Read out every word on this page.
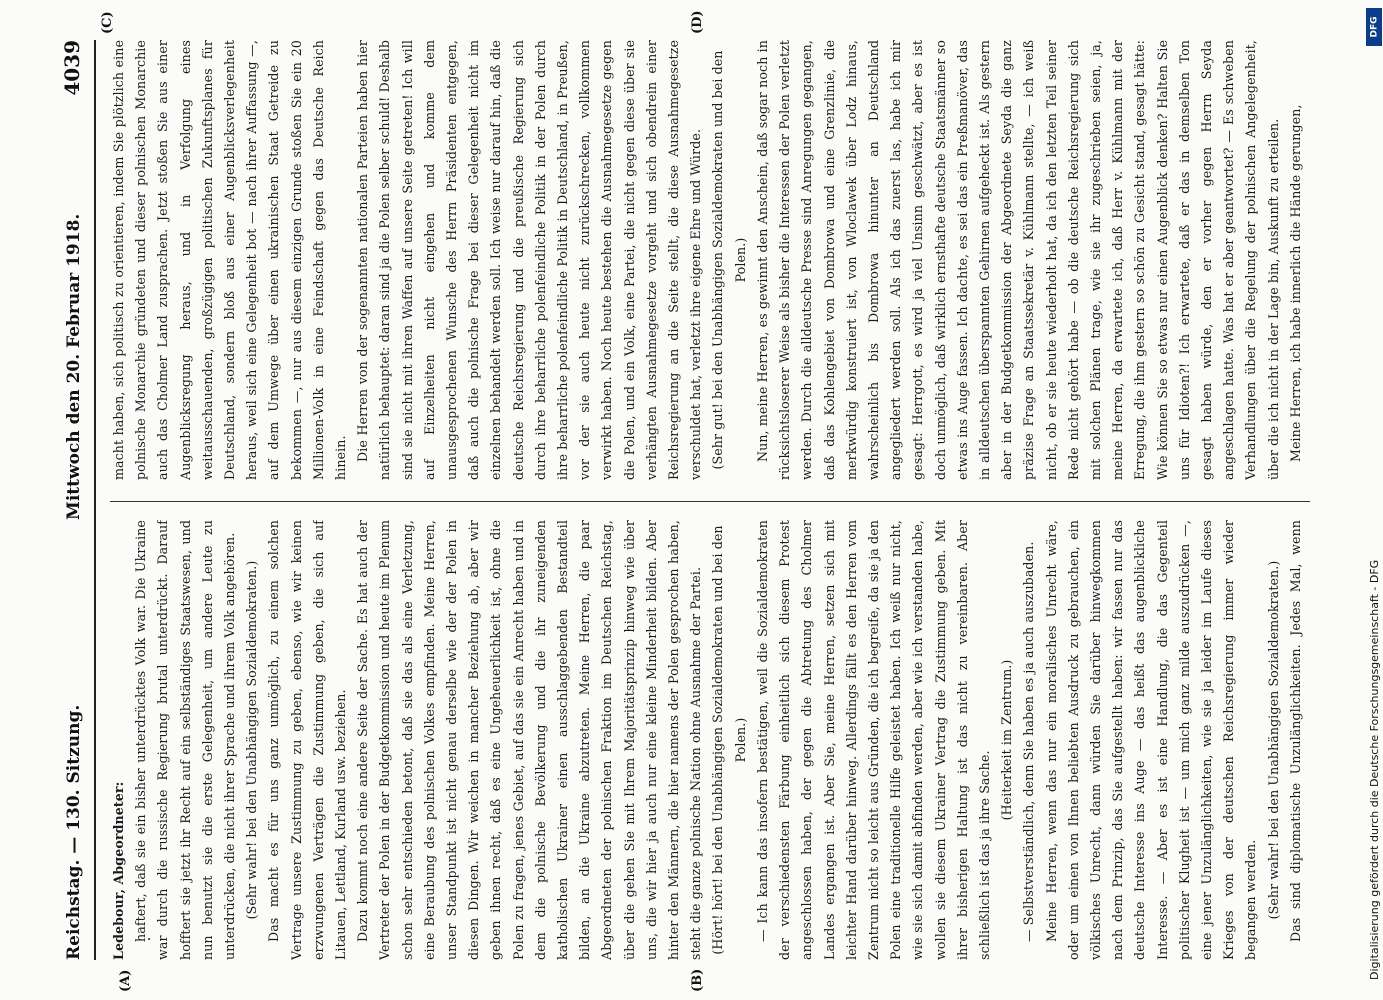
Reichstag. — 130. Sitzung.
Mittwoch den 20. Februar 1918.
4039
(A)	(B)
(C)	(D)

Ledebour, Abgeordneter: haftert, daß sie ein bisher unterdrücktes Volk war. Die Ukraine war durch die russische Regierung brutal unterdrückt. Darauf hofftert sie jetzt ihr Recht auf ein selbständiges Staatswesen, und nun benutzt sie die erste Gelegenheit, um andere Leute zu unterdrücken, die nicht ihrer Sprache und ihrem Volk angehören. (Sehr wahr! bei den Unabhängigen Sozialdemokraten.) Das macht es für uns ganz unmöglich, zu einem solchen Vertrage unsere Zustimmung zu geben, ebenso, wie wir keinen erzwungenen Verträgen die Zustimmung geben, die sich auf Litauen, Lettland, Kurland usw. beziehen. Dazu kommt noch eine andere Seite der Sache. Es hat auch der Vertreter der Polen in der Budgetkommission und heute im Plenum schon sehr entschieden betont, daß sie das als eine Verletzung, eine Beraubung des polnischen Volkes empfinden. Meine Herren, unser Standpunkt ist nicht genau derselbe wie der der Polen in diesen Dingen. Wir weichen in mancher Beziehung ab, aber wir geben ihnen recht, daß es eine Ungeheuerlichkeit ist, ohne die Polen zu fragen, jenes Gebiet, auf das sie ein Anrecht haben und in dem die polnische Bevölkerung und die ihr zuneigenden katholischen Ukrainer einen ausschlaggebenden Bestandteil bilden, an die Ukraine abzutreten. Meine Herren, die paar Abgeordneten der polnischen Fraktion im Deutschen Reichstag, über die gehen Sie mit Ihrem Majoritätsprinzip hinweg wie über uns, die wir hier ja auch nur eine kleine Minderheit bilden. Aber hinter den Männern, die hier namens der Polen gesprochen haben, steht die ganze polnische Nation ohne Ausnahme der Partei. (Hört! hört! bei den Unabhängigen Sozialdemokraten und bei den Polen.) — Ich kann das insofern bestätigen, weil die Sozialdemokraten der verschiedensten Färbung einheitlich sich diesem Protest angeschlossen haben, der gegen die Abtretung des Cholmer Landes ergangen ist. Aber Sie, meine Herren, setzen sich mit leichter Hand darüber hinweg. Allerdings fällt es den Herren vom Zentrum nicht so leicht aus Gründen, die ich begreife, da sie ja den Polen eine traditionelle Hilfe geleistet haben. Ich weiß nur nicht, wie sie sich damit abfinden werden, aber wie ich verstanden habe, wollen sie diesem Ukrainer Vertrag die Zustimmung geben. Mit ihrer bisherigen Haltung ist das nicht zu vereinbaren. Aber schließlich ist das ja ihre Sache.

(Heiterkeit im Zentrum.) — Selbstverständlich, denn Sie haben es ja auch auszubaden. Meine Herren, wenn das nur ein moralisches Unrecht wäre, oder um einen von Ihnen beliebten Ausdruck zu gebrauchen, ein völkisches Unrecht, dann würden Sie darüber hinwegkommen nach dem Prinzip, das Sie aufgestellt haben: wir fassen nur das deutsche Interesse ins Auge — das heißt das augenblickliche Interesse. — Aber es ist eine Handlung, die das Gegenteil politischer Klugheit ist — um mich ganz milde auszudrücken —, eine jener Unzulänglichkeiten, wie sie ja leider im Laufe dieses Krieges von der deutschen Reichsregierung immer wieder begangen werden. (Sehr wahr! bei den Unabhängigen Sozialdemokraten.)

Das sind diplomatische Unzulänglichkeiten. Jedes Mal, wenn

macht haben, sich politisch zu orientieren, indem Sie plötzlich eine polnische Monarchie gründeten und dieser polnischen Monarchie auch das Cholmer Land zusprachen. Jetzt stoßen Sie aus einer Augenblicksregung heraus, und in Verfolgung eines weitausschauenden, großzügigen politischen Zukunftsplanes für Deutschland, sondern bloß aus einer Augenblicksverlegenheit heraus, weil sich eine Gelegenheit bot — nach ihrer Auffassung —, auf dem Umwege über einen ukrainischen Staat Getreide zu bekommen —, nur aus diesem einzigen Grunde stoßen Sie ein 20 Millionen-Volk in eine Feindschaft gegen das Deutsche Reich hinein. Die Herren von der sogenannten nationalen Parteien haben hier natürlich behauptet: daran sind ja die Polen selber schuld! Deshalb sind sie nicht mit ihren Waffen auf unsere Seite getreten! Ich will auf Einzelheiten nicht eingehen und komme dem unausgesprochenen Wunsche des Herrn Präsidenten entgegen, daß auch die polnische Frage bei dieser Gelegenheit nicht im einzelnen behandelt werden soll. Ich weise nur darauf hin, daß die deutsche Reichsregierung und die preußische Regierung sich durch ihre beharrliche polenfeindliche Politik in der Polen durch ihre beharrliche polenfeindliche Politik in Deutschland, in Preußen, vor der sie auch heute nicht zurückschrecken, vollkommen verwirkt haben. Noch heute bestehen die Ausnahmegesetze gegen die Polen, und ein Volk, eine Partei, die nicht gegen diese über sie verhängten Ausnahmegesetze vorgeht und sich obendrein einer Reichsregierung an die Seite stellt, die diese Ausnahmegesetze verschuldet hat, verletzt ihre eigene Ehre und Würde. (Sehr gut! bei den Unabhängigen Sozialdemokraten und bei den Polen.) Nun, meine Herren, es gewinnt den Anschein, daß sogar noch in rücksichtsloserer Weise als bisher die Interessen der Polen verletzt werden. Durch die alldeutsche Presse sind Anregungen gegangen, daß das Kohlengebiet von Dombrowa und eine Grenzlinie, die merkwürdig konstruiert ist, von Wloclawek über Lodz hinaus, wahrscheinlich bis Dombrowa hinunter an Deutschland angegliedert werden soll. Als ich das zuerst las, habe ich mir gesagt: Herrgott, es wird ja viel Unsinn geschwätzt, aber es ist doch unmöglich, daß wirklich ernsthafte deutsche Staatsmänner so etwas ins Auge fassen. Ich dachte, es sei das ein Preßmanöver, das in alldeutschen überspannten Gehirnen aufgeheckt ist. Als gestern aber in der Budgetkommission der Abgeordnete Seyda die ganz präzise Frage an Staatssekretär v. Kühlmann stellte, — ich weiß nicht, ob er sie heute wiederholt hat, da ich den letzten Teil seiner Rede nicht gehört habe — ob die deutsche Reichsregierung sich mit solchen Plänen trage, wie sie ihr zugeschrieben seien, ja, meine Herren, da erwartete ich, daß Herr v. Kühlmann mit der Erregung, die ihm gestern so schön zu Gesicht stand, gesagt hätte: Wie können Sie so etwas nur einen Augenblick denken? Halten Sie uns für Idioten?! Ich erwartete, daß er das in demselben Ton gesagt haben würde, den er vorher gegen Herrn Seyda angeschlagen hatte. Was hat er aber geantwortet? — Es schweben Verhandlungen über die Regelung der polnischen Angelegenheit, über die ich nicht in der Lage bin, Auskunft zu erteilen. Meine Herren, ich habe innerlich die Hände gerungen,

DFG
Digitalisierung gefördert durch die Deutsche Forschungsgemeinschaft - DFG
